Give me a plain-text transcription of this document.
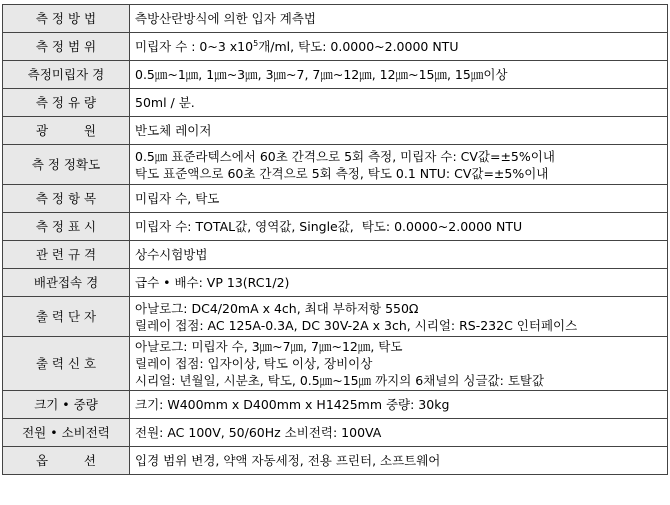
측 정 방 법	측방산란방식에 의한 입자 계측법

측 정 범 위	미립자 수 : 0~3 $x10^5$개/ml, 탁도: 0.0000~2.0000 NTU

측정미립자 경	0.5㎛~1㎛, 1㎛~3㎛, 3㎛~7, 7㎛~12㎛, 12㎛~15㎛, 15㎛이상

측 정 유 량	50ml / 분.

광         원	반도체 레이저

측 정 정확도	0.5㎛ 표준라텍스에서 60초 간격으로 5회 측정, 미립자 수: CV값=±5%이내
탁도 표준액으로 60초 간격으로 5회 측정, 탁도 0.1 NTU: CV값=±5%이내

측 정 항 목	미립자 수, 탁도

측 정 표 시	미립자 수: TOTAL값, 영역값, Single값,  탁도: 0.0000~2.0000 NTU

관 련 규 격	상수시험방법

배관접속 경	급수 • 배수: VP 13(RC1/2)

출 력 단 자	아날로그: DC4/20mA x 4ch, 최대 부하저항 550Ω
릴레이 접점: AC 125A-0.3A, DC 30V-2A x 3ch, 시리얼: RS-232C 인터페이스

출 력 신 호	아날로그: 미립자 수, 3㎛~7㎛, 7㎛~12㎛, 탁도
릴레이 접점: 입자이상, 탁도 이상, 장비이상
시리얼: 년월일, 시분초, 탁도, 0.5㎛~15㎛ 까지의 6채널의 싱글값: 토탈값

크기 • 중량	크기: W400mm x D400mm x H1425mm 중량: 30kg

전원 • 소비전력	전원: AC 100V, 50/60Hz 소비전력: 100VA

옵         션	입경 범위 변경, 약액 자동세정, 전용 프린터, 소프트웨어
